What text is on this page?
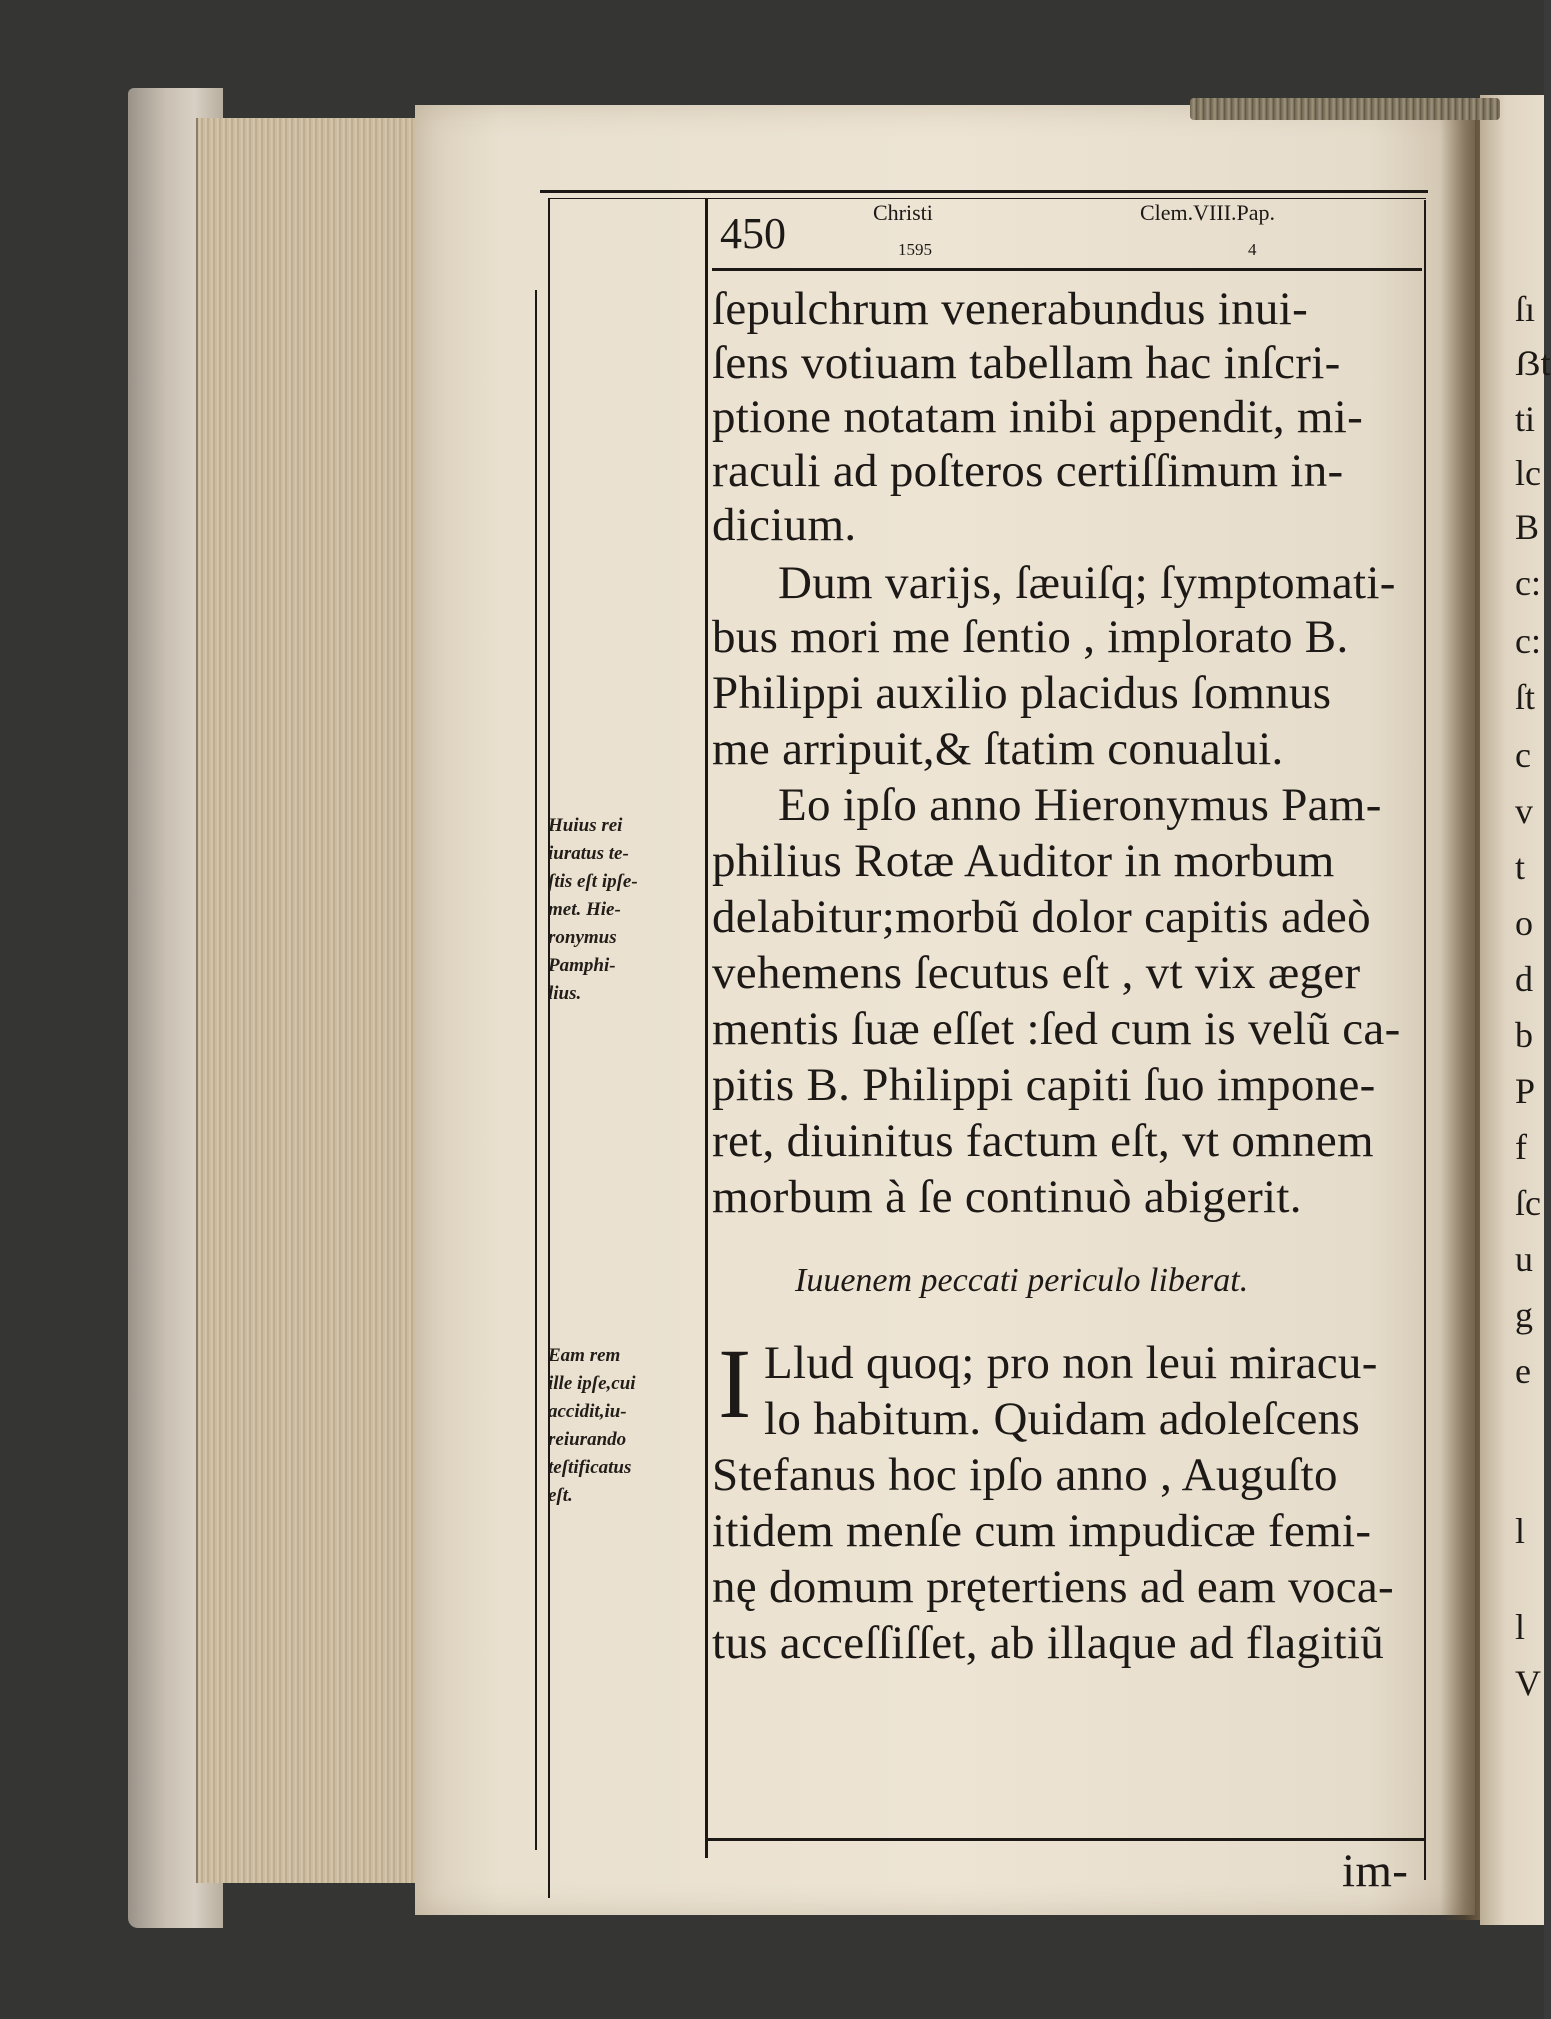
450	Christi
1595
Clem.VIII.Pap.
4
ſepulchrum venerabundus inui-
ſens votiuam tabellam hac inſcri-
ptione notatam inibi appendit, mi-
raculi ad poſteros certiſſimum in-
dicium.
Dum varijs, ſæuiſq; ſymptomati-
bus mori me ſentio , implorato B.
Philippi auxilio placidus ſomnus
me arripuit,& ſtatim conualui.
Eo ipſo anno Hieronymus Pam-
philius Rotæ Auditor in morbum
delabitur;morbũ dolor capitis adeò
vehemens ſecutus eſt , vt vix æger
mentis ſuæ eſſet :ſed cum is velũ ca-
pitis B. Philippi capiti ſuo impone-
ret, diuinitus factum eſt, vt omnem
morbum à ſe continuò abigerit.
Iuuenem peccati periculo liberat.
I Llud quoq; pro non leui miracu-
lo habitum. Quidam adoleſcens
Stefanus hoc ipſo anno , Auguſto
itidem menſe cum impudicæ femi-
nę domum prętertiens ad eam voca-
tus acceſſiſſet, ab illaque ad flagitiũ
im-
Huius rei
iuratus te-
ſtis eſt ipſe-
met. Hie-
ronymus
Pamphi-
lius.
Eam rem
ille ipſe,cui
accidit,iu-
reiurando
teſtificatus
eſt.
ſı
ẞt
ti
lc
B
c:
c:
ſt
c
v
t
o
d
b
P
f
ſc
u
g
e
l
l
V
